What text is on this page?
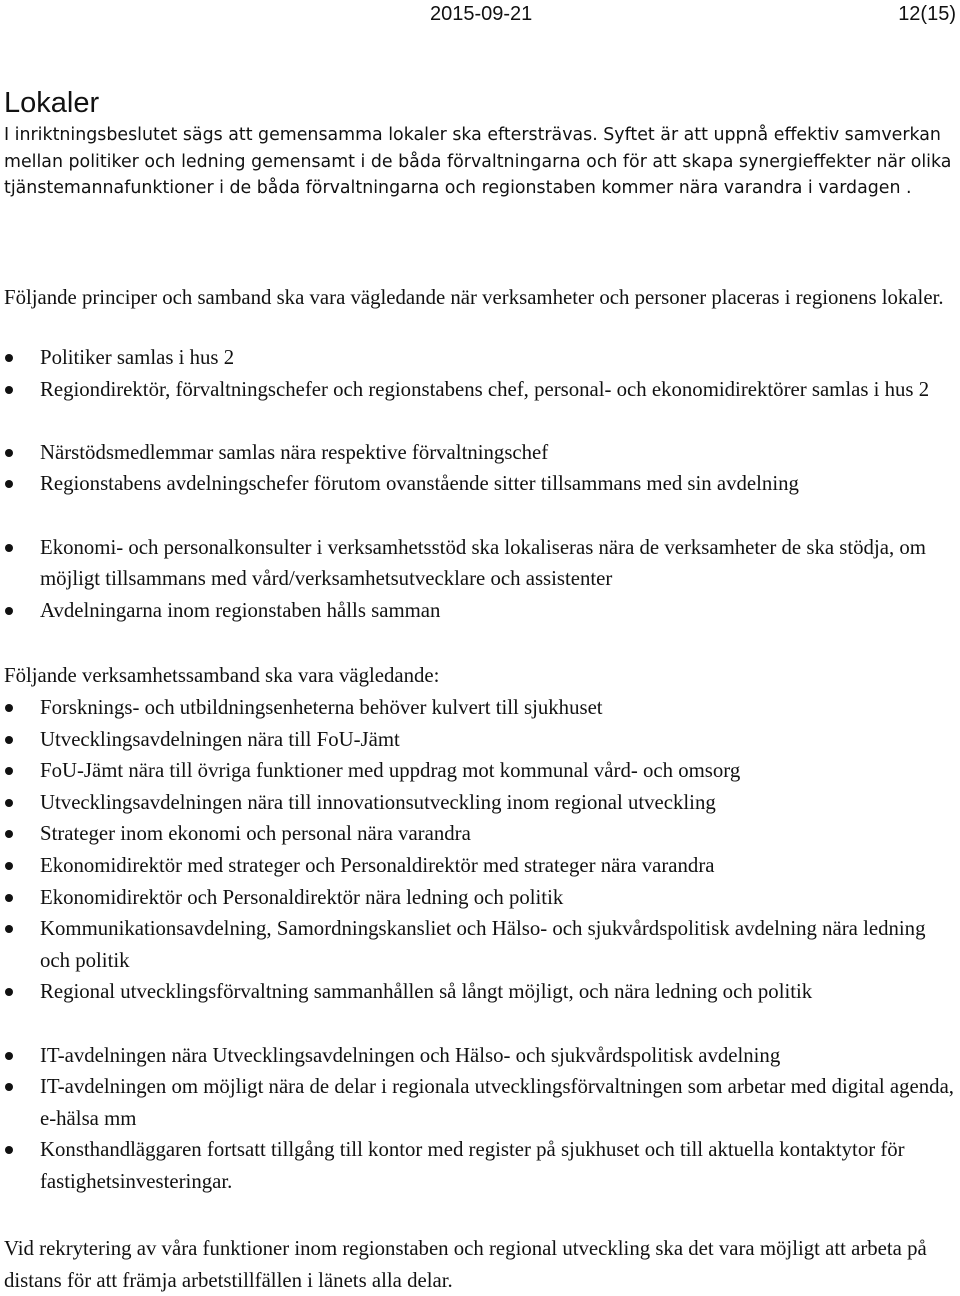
2015-09-21	12(15)
Lokaler

I inriktningsbeslutet sägs att gemensamma lokaler ska eftersträvas. Syftet är att uppnå effektiv samverkan mellan politiker och ledning gemensamt i de båda förvaltningarna och för att skapa synergieffekter när olika tjänstemannafunktioner i de båda förvaltningarna och regionstaben kommer nära varandra i vardagen .

Följande principer och samband ska vara vägledande när verksamheter och personer placeras i regionens lokaler.

Politiker samlas i hus 2
Regiondirektör, förvaltningschefer och regionstabens chef, personal- och ekonomidirektörer samlas i hus 2
Närstödsmedlemmar samlas nära respektive förvaltningschef
Regionstabens avdelningschefer förutom ovanstående sitter tillsammans med sin avdelning
Ekonomi- och personalkonsulter i verksamhetsstöd ska lokaliseras nära de verksamheter de ska stödja, om möjligt tillsammans med vård/verksamhetsutvecklare och assistenter
Avdelningarna inom regionstaben hålls samman

Följande verksamhetssamband ska vara vägledande:

Forsknings- och utbildningsenheterna behöver kulvert till sjukhuset
Utvecklingsavdelningen nära till FoU-Jämt
FoU-Jämt nära till övriga funktioner med uppdrag mot kommunal vård- och omsorg
Utvecklingsavdelningen nära till innovationsutveckling inom regional utveckling
Strateger inom ekonomi och personal nära varandra
Ekonomidirektör med strateger och Personaldirektör med strateger nära varandra
Ekonomidirektör och Personaldirektör nära ledning och politik
Kommunikationsavdelning, Samordningskansliet och Hälso- och sjukvårdspolitisk avdelning nära ledning och politik
Regional utvecklingsförvaltning sammanhållen så långt möjligt, och nära ledning och politik
IT-avdelningen nära Utvecklingsavdelningen och Hälso- och sjukvårdspolitisk avdelning
IT-avdelningen om möjligt nära de delar i regionala utvecklingsförvaltningen som arbetar med digital agenda, e-hälsa mm
Konsthandläggaren fortsatt tillgång till kontor med register på sjukhuset och till aktuella kontaktytor för fastighetsinvesteringar.

Vid rekrytering av våra funktioner inom regionstaben och regional utveckling ska det vara möjligt att arbeta på distans för att främja arbetstillfällen i länets alla delar.
